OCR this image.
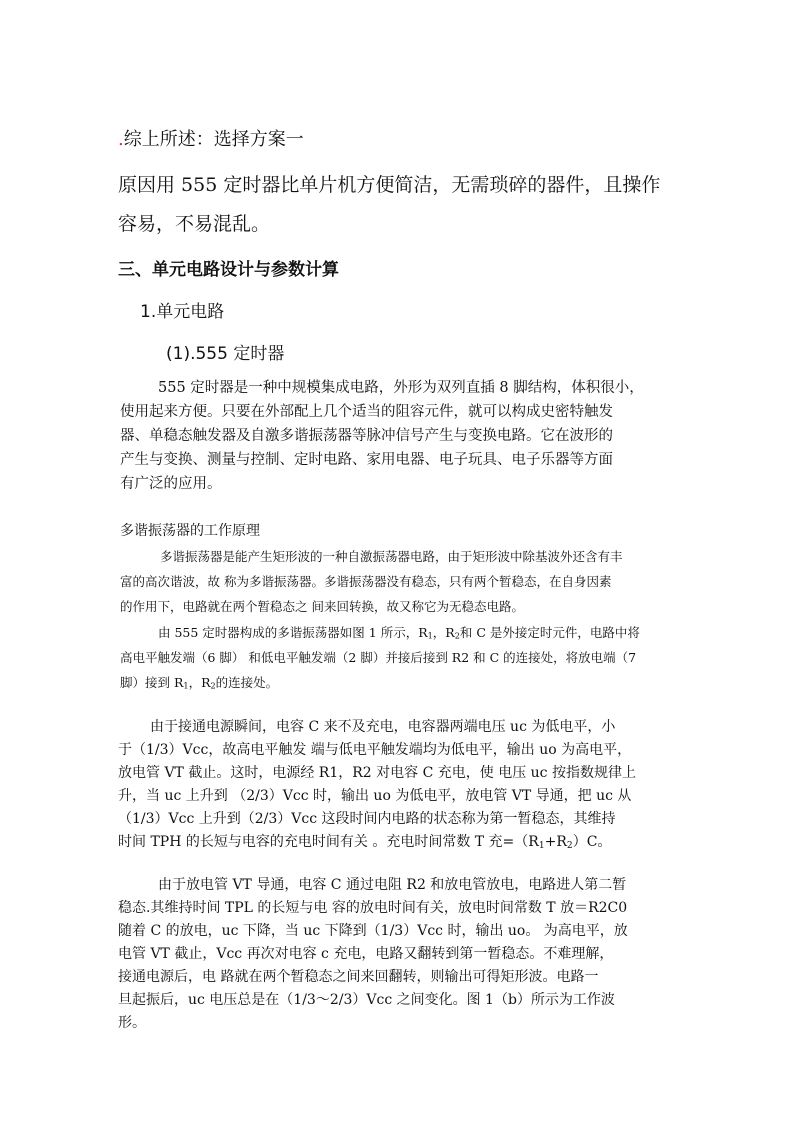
.综上所述：选择方案一
原因用 555 定时器比单片机方便简洁，无需琐碎的器件，且操作
容易，不易混乱。
三、单元电路设计与参数计算
1.单元电路
(1).555 定时器
555 定时器是一种中规模集成电路，外形为双列直插 8 脚结构，体积很小，
使用起来方便。只要在外部配上几个适当的阻容元件，就可以构成史密特触发
器、单稳态触发器及自激多谐振荡器等脉冲信号产生与变换电路。它在波形的
产生与变换、测量与控制、定时电路、家用电器、电子玩具、电子乐器等方面
有广泛的应用。
多谐振荡器的工作原理
多谐振荡器是能产生矩形波的一种自激振荡器电路，由于矩形波中除基波外还含有丰
富的高次谐波，故 称为多谐振荡器。多谐振荡器没有稳态，只有两个暂稳态，在自身因素
的作用下，电路就在两个暂稳态之 间来回转换，故又称它为无稳态电路。
由 555 定时器构成的多谐振荡器如图 1 所示，$R_1$，$R_2$和 C 是外接定时元件，电路中将
高电平触发端（6 脚） 和低电平触发端（2 脚）并接后接到 R2 和 C 的连接处，将放电端（7
脚）接到 $R_1$，$R_2$的连接处。
由于接通电源瞬间，电容 C 来不及充电，电容器两端电压 uc 为低电平，小
于（1/3）Vcc，故高电平触发 端与低电平触发端均为低电平，输出 uo 为高电平，
放电管 VT 截止。这时，电源经 R1，R2 对电容 C 充电，使 电压 uc 按指数规律上
升，当 uc 上升到 （2/3）Vcc 时，输出 uo 为低电平，放电管 VT 导通，把 uc 从
（1/3）Vcc 上升到（2/3）Vcc 这段时间内电路的状态称为第一暂稳态，其维持
时间 TPH 的长短与电容的充电时间有关 。充电时间常数 T 充$=(R_1+R_2)C$。
由于放电管 VT 导通，电容 C 通过电阻 R2 和放电管放电，电路进人第二暂
稳态.其维持时间 TPL 的长短与电 容的放电时间有关，放电时间常数 T 放＝R2C0
随着 C 的放电，uc 下降，当 uc 下降到（1/3）Vcc 时，输出 uo。 为高电平，放
电管 VT 截止，Vcc 再次对电容 c 充电，电路又翻转到第一暂稳态。不难理解，
接通电源后，电 路就在两个暂稳态之间来回翻转，则输出可得矩形波。电路一
旦起振后，uc 电压总是在（1/3～2/3）Vcc 之间变化。图 1（b）所示为工作波
形。
